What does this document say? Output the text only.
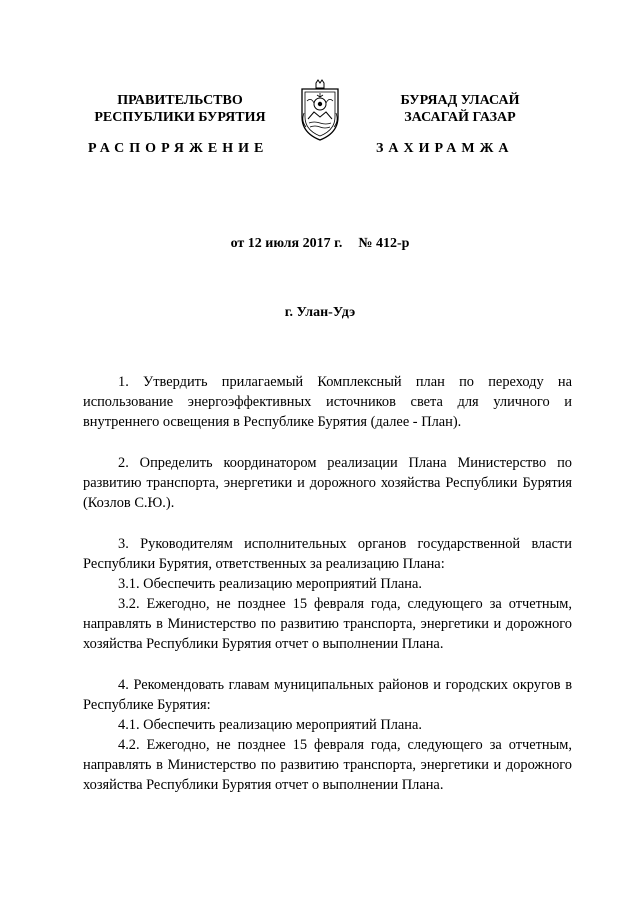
ПРАВИТЕЛЬСТВО
РЕСПУБЛИКИ БУРЯТИЯ
БУРЯАД УЛАСАЙ
ЗАСАГАЙ ГАЗАР
РАСПОРЯЖЕНИЕ	ЗАХИРАМЖА
от 12 июля 2017 г. № 412-р
г. Улан-Удэ

1. Утвердить прилагаемый Комплексный план по переходу на использование энергоэффективных источников света для уличного и внутреннего освещения в Республике Бурятия (далее - План).

2. Определить координатором реализации Плана Министерство по развитию транспорта, энергетики и дорожного хозяйства Республики Бурятия (Козлов С.Ю.).

3. Руководителям исполнительных органов государственной власти Республики Бурятия, ответственных за реализацию Плана:

3.1. Обеспечить реализацию мероприятий Плана.

3.2. Ежегодно, не позднее 15 февраля года, следующего за отчетным, направлять в Министерство по развитию транспорта, энергетики и дорожного хозяйства Республики Бурятия отчет о выполнении Плана.

4. Рекомендовать главам муниципальных районов и городских округов в Республике Бурятия:

4.1. Обеспечить реализацию мероприятий Плана.

4.2. Ежегодно, не позднее 15 февраля года, следующего за отчетным, направлять в Министерство по развитию транспорта, энергетики и дорожного хозяйства Республики Бурятия отчет о выполнении Плана.
